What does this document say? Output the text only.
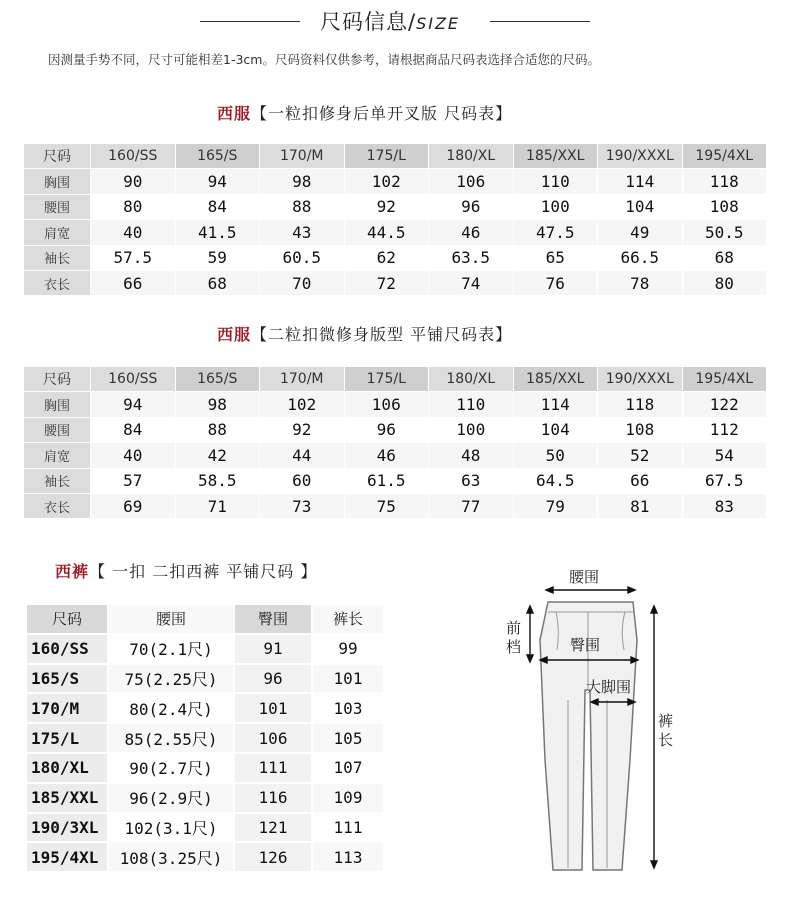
尺码信息/SIZE
因测量手势不同，尺寸可能相差1-3cm。尺码资料仅供参考，请根据商品尺码表选择合适您的尺码。
西服【一粒扣修身后单开叉版 尺码表】
尺码	160/SS	165/S	170/M	175/L	180/XL	185/XXL	190/XXXL	195/4XL
胸围	90	94	98	102	106	110	114	118
腰围	80	84	88	92	96	100	104	108
肩宽	40	41.5	43	44.5	46	47.5	49	50.5
袖长	57.5	59	60.5	62	63.5	65	66.5	68
衣长	66	68	70	72	74	76	78	80
西服【二粒扣微修身版型 平铺尺码表】
尺码	160/SS	165/S	170/M	175/L	180/XL	185/XXL	190/XXXL	195/4XL
胸围	94	98	102	106	110	114	118	122
腰围	84	88	92	96	100	104	108	112
肩宽	40	42	44	46	48	50	52	54
袖长	57	58.5	60	61.5	63	64.5	66	67.5
衣长	69	71	73	75	77	79	81	83
西裤【 一扣 二扣西裤 平铺尺码 】
尺码	腰围	臀围	裤长
160/SS	70(2.1尺)	91	99
165/S	75(2.25尺)	96	101
170/M	80(2.4尺)	101	103
175/L	85(2.55尺)	106	105
180/XL	90(2.7尺)	111	107
185/XXL	96(2.9尺)	116	109
190/3XL	102(3.1尺)	121	111
195/4XL	108(3.25尺)	126	113
腰围
前
档	臀围
大脚围
裤
长
